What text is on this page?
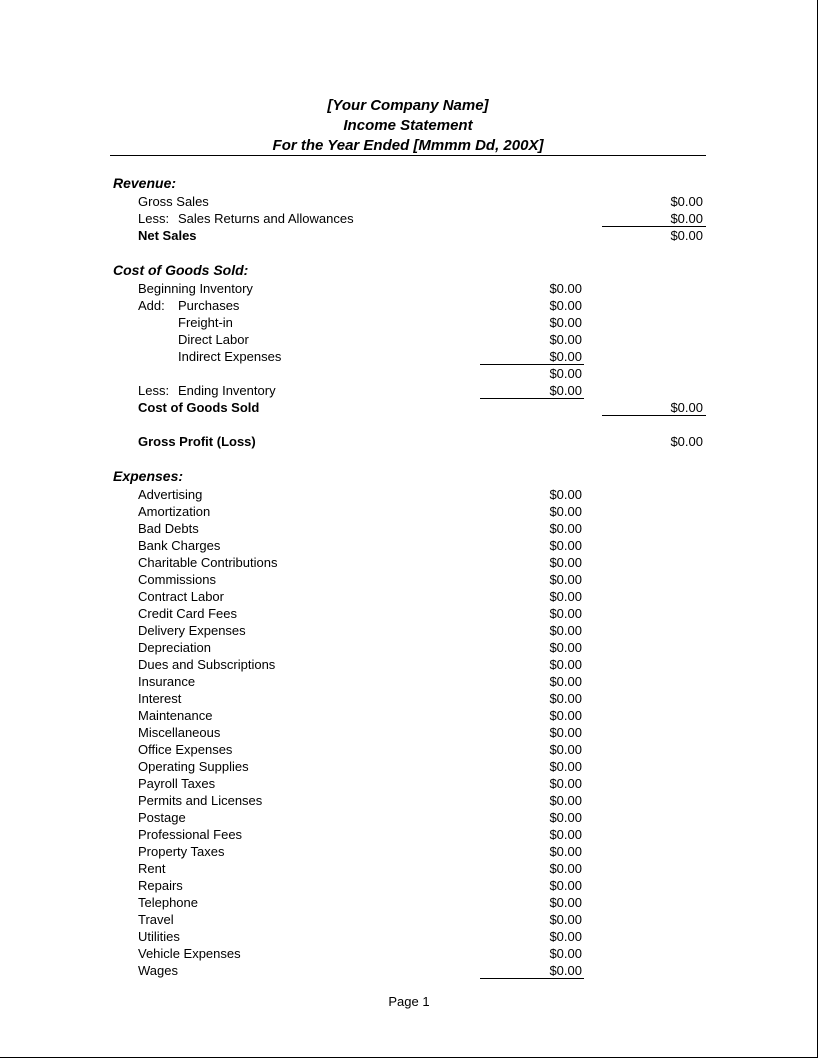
[Your Company Name]
Income Statement
For the Year Ended [Mmmm Dd, 200X]
Revenue:
Gross Sales	$0.00
Less: Sales Returns and Allowances	$0.00
Net Sales	$0.00
Cost of Goods Sold:
Beginning Inventory	$0.00
Add: Purchases	$0.00
Freight-in	$0.00
Direct Labor	$0.00
Indirect Expenses	$0.00
$0.00
Less: Ending Inventory	$0.00
Cost of Goods Sold	$0.00
Gross Profit (Loss)	$0.00
Expenses:
Advertising	$0.00
Amortization	$0.00
Bad Debts	$0.00
Bank Charges	$0.00
Charitable Contributions	$0.00
Commissions	$0.00
Contract Labor	$0.00
Credit Card Fees	$0.00
Delivery Expenses	$0.00
Depreciation	$0.00
Dues and Subscriptions	$0.00
Insurance	$0.00
Interest	$0.00
Maintenance	$0.00
Miscellaneous	$0.00
Office Expenses	$0.00
Operating Supplies	$0.00
Payroll Taxes	$0.00
Permits and Licenses	$0.00
Postage	$0.00
Professional Fees	$0.00
Property Taxes	$0.00
Rent	$0.00
Repairs	$0.00
Telephone	$0.00
Travel	$0.00
Utilities	$0.00
Vehicle Expenses	$0.00
Wages	$0.00
Page 1
